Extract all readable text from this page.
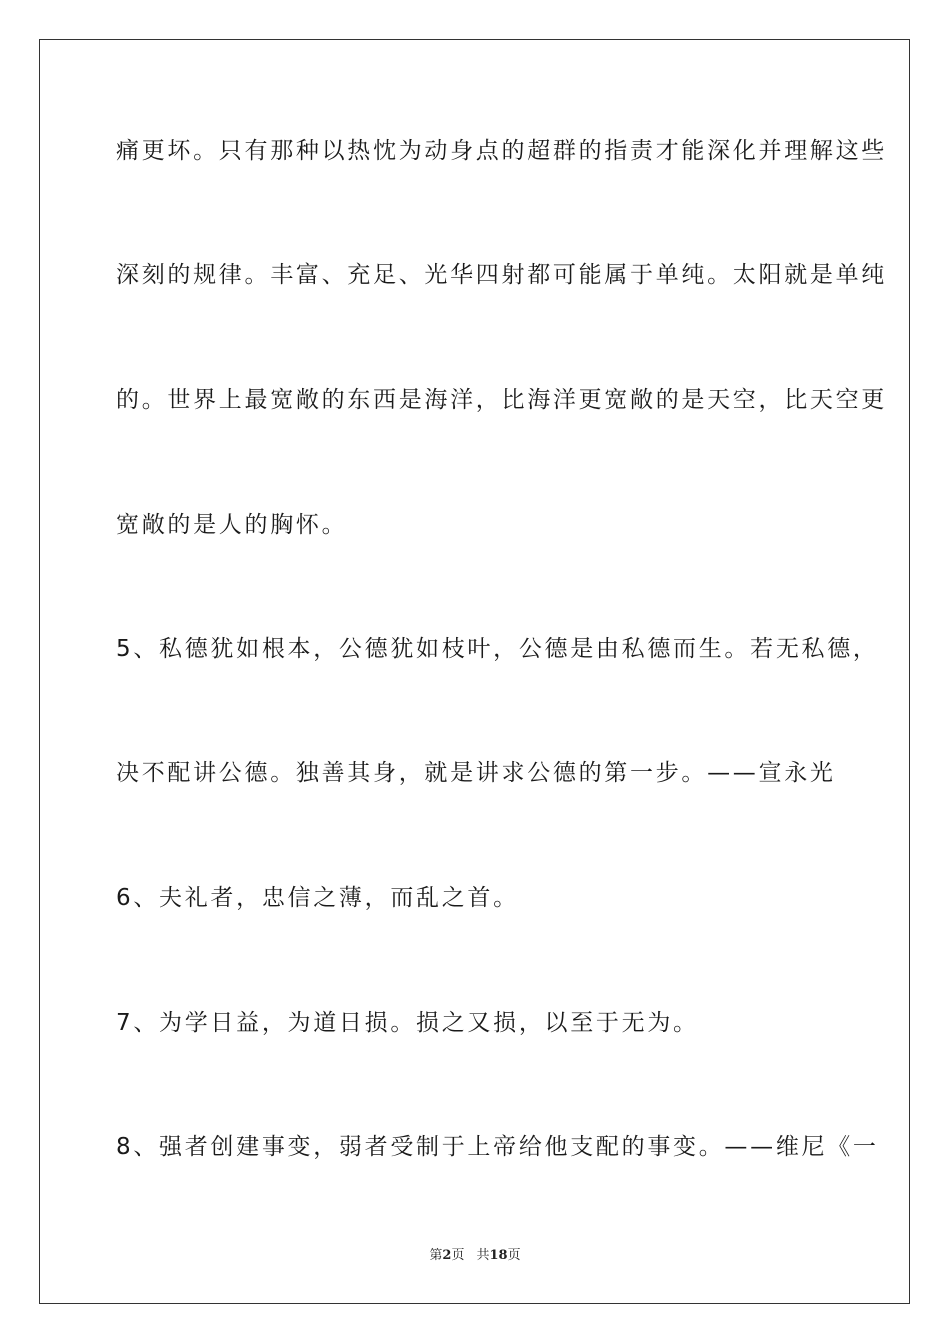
痛更坏。只有那种以热忱为动身点的超群的指责才能深化并理解这些
深刻的规律。丰富、充足、光华四射都可能属于单纯。太阳就是单纯
的。世界上最宽敞的东西是海洋，比海洋更宽敞的是天空，比天空更
宽敞的是人的胸怀。
5、私德犹如根本，公德犹如枝叶，公德是由私德而生。若无私德，
决不配讲公德。独善其身，就是讲求公德的第一步。——宣永光
6、夫礼者，忠信之薄，而乱之首。
7、为学日益，为道日损。损之又损，以至于无为。
8、强者创建事变，弱者受制于上帝给他支配的事变。——维尼《一
第2页 共18页
